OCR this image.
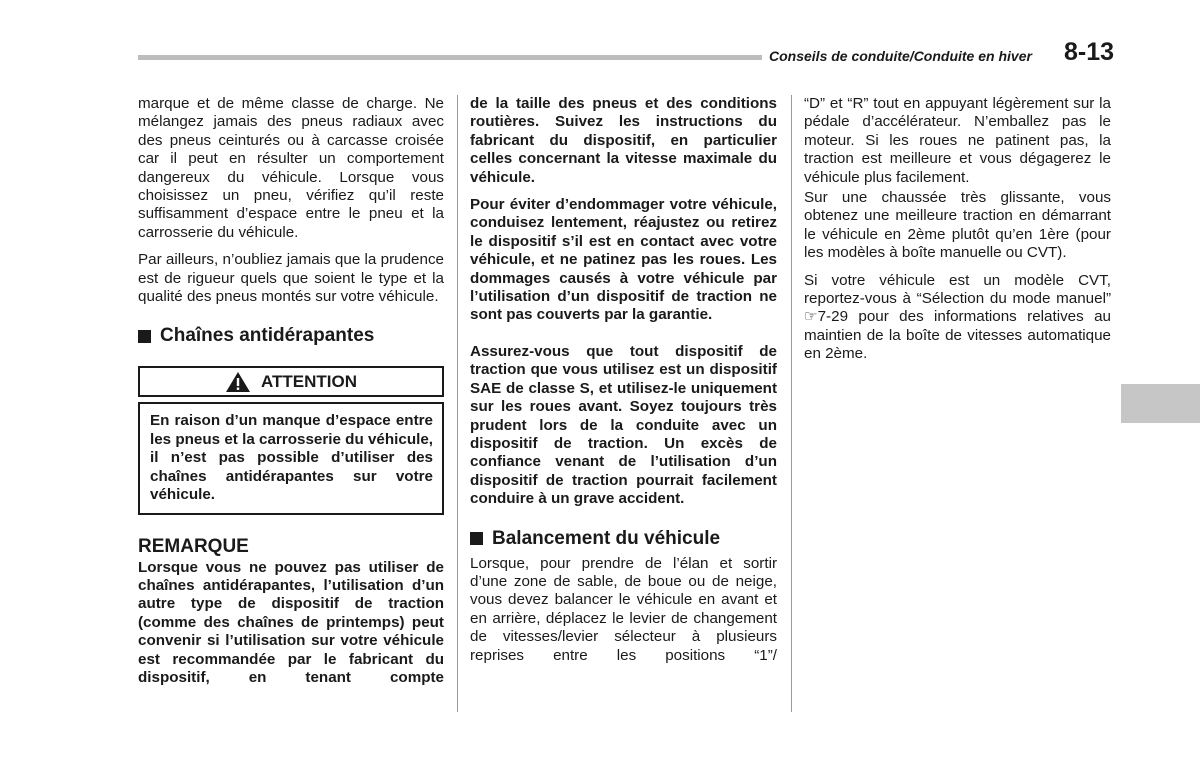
Conseils de conduite/Conduite en hiver 8-13

marque et de même classe de charge. Ne mélangez jamais des pneus radiaux avec des pneus ceinturés ou à carcasse croisée car il peut en résulter un comportement dangereux du véhicule. Lorsque vous choisissez un pneu, vérifiez qu’il reste suffisamment d’espace entre le pneu et la carrosserie du véhicule.

Par ailleurs, n’oubliez jamais que la prudence est de rigueur quels que soient le type et la qualité des pneus montés sur votre véhicule.

Chaînes antidérapantes
ATTENTION
En raison d’un manque d’espace entre les pneus et la carrosserie du véhicule, il n’est pas possible d’utiliser des chaînes antidérapantes sur votre véhicule.
REMARQUE

Lorsque vous ne pouvez pas utiliser de chaînes antidérapantes, l’utilisation d’un autre type de dispositif de traction (comme des chaînes de printemps) peut convenir si l’utilisation sur votre véhicule est recommandée par le fabricant du dispositif, en tenant compte

de la taille des pneus et des conditions routières. Suivez les instructions du fabricant du dispositif, en particulier celles concernant la vitesse maximale du véhicule.

Pour éviter d’endommager votre véhicule, conduisez lentement, réajustez ou retirez le dispositif s’il est en contact avec votre véhicule, et ne patinez pas les roues. Les dommages causés à votre véhicule par l’utilisation d’un dispositif de traction ne sont pas couverts par la garantie.

Assurez-vous que tout dispositif de traction que vous utilisez est un dispositif SAE de classe S, et utilisez-le uniquement sur les roues avant. Soyez toujours très prudent lors de la conduite avec un dispositif de traction. Un excès de confiance venant de l’utilisation d’un dispositif de traction pourrait facilement conduire à un grave accident.

Balancement du véhicule

Lorsque, pour prendre de l’élan et sortir d’une zone de sable, de boue ou de neige, vous devez balancer le véhicule en avant et en arrière, déplacez le levier de changement de vitesses/levier sélecteur à plusieurs reprises entre les positions “1”/

“D” et “R” tout en appuyant légèrement sur la pédale d’accélérateur. N’emballez pas le moteur. Si les roues ne patinent pas, la traction est meilleure et vous dégagerez le véhicule plus facilement.

Sur une chaussée très glissante, vous obtenez une meilleure traction en démarrant le véhicule en 2ème plutôt qu’en 1ère (pour les modèles à boîte manuelle ou CVT).

Si votre véhicule est un modèle CVT, reportez-vous à “Sélection du mode manuel” ☞7-29 pour des informations relatives au maintien de la boîte de vitesses automatique en 2ème.
